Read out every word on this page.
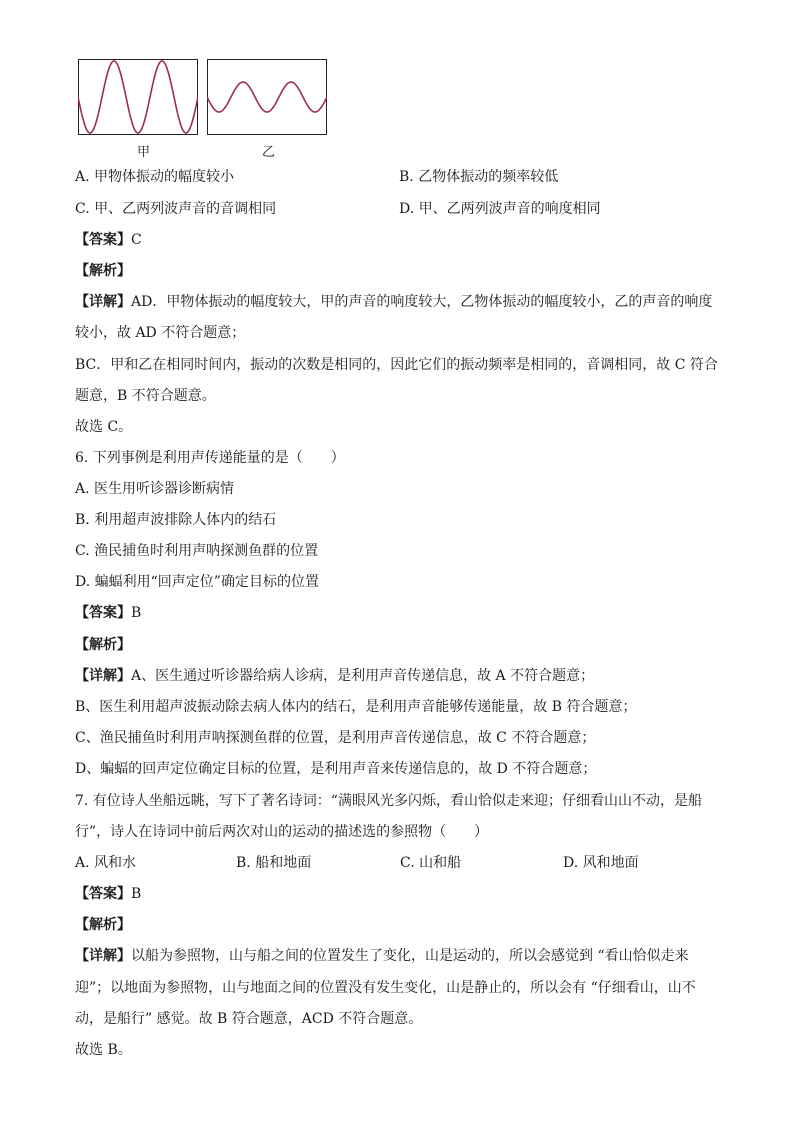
甲	乙
A. 甲物体振动的幅度较小	B. 乙物体振动的频率较低
C. 甲、乙两列波声音的音调相同	D. 甲、乙两列波声音的响度相同
【答案】C
【解析】
【详解】AD．甲物体振动的幅度较大，甲的声音的响度较大，乙物体振动的幅度较小，乙的声音的响度
较小，故 AD 不符合题意；
BC．甲和乙在相同时间内，振动的次数是相同的，因此它们的振动频率是相同的，音调相同，故 C 符合
题意，B 不符合题意。
故选 C。
6. 下列事例是利用声传递能量的是（　　）
A. 医生用听诊器诊断病情
B. 利用超声波排除人体内的结石
C. 渔民捕鱼时利用声呐探测鱼群的位置
D. 蝙蝠利用“回声定位”确定目标的位置
【答案】B
【解析】
【详解】A、医生通过听诊器给病人诊病，是利用声音传递信息，故 A 不符合题意；
B、医生利用超声波振动除去病人体内的结石，是利用声音能够传递能量，故 B 符合题意；
C、渔民捕鱼时利用声呐探测鱼群的位置，是利用声音传递信息，故 C 不符合题意；
D、蝙蝠的回声定位确定目标的位置，是利用声音来传递信息的，故 D 不符合题意；
7. 有位诗人坐船远眺，写下了著名诗词：“满眼风光多闪烁，看山恰似走来迎；仔细看山山不动，是船
行”，诗人在诗词中前后两次对山的运动的描述选的参照物（　　）
A. 风和水	B. 船和地面	C. 山和船	D. 风和地面
【答案】B
【解析】
【详解】以船为参照物，山与船之间的位置发生了变化，山是运动的，所以会感觉到 “看山恰似走来
迎”；以地面为参照物，山与地面之间的位置没有发生变化，山是静止的，所以会有 “仔细看山，山不
动，是船行” 感觉。故 B 符合题意，ACD 不符合题意。
故选 B。
